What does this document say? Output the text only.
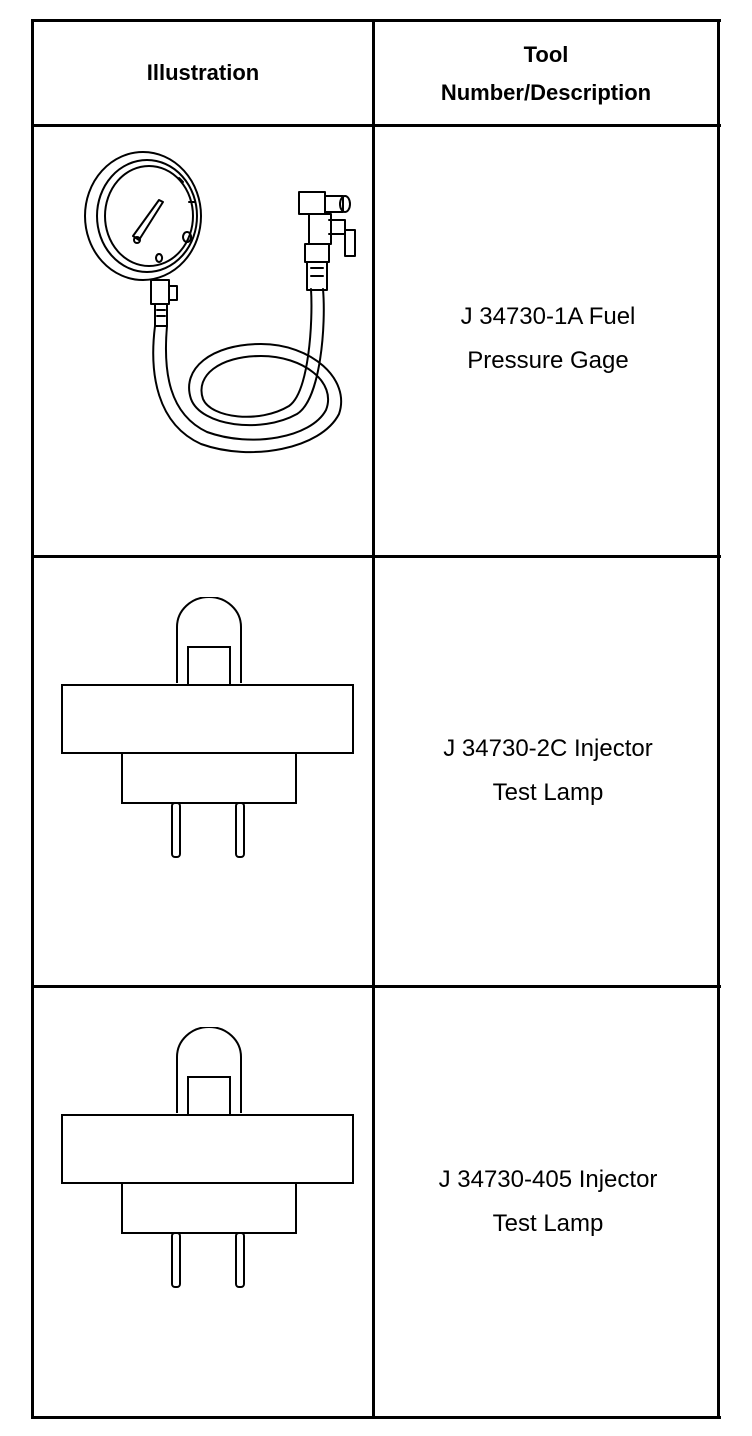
Illustration
Tool
Number/Description
J 34730-1A Fuel
Pressure Gage
J 34730-2C Injector
Test Lamp
J 34730-405 Injector
Test Lamp
